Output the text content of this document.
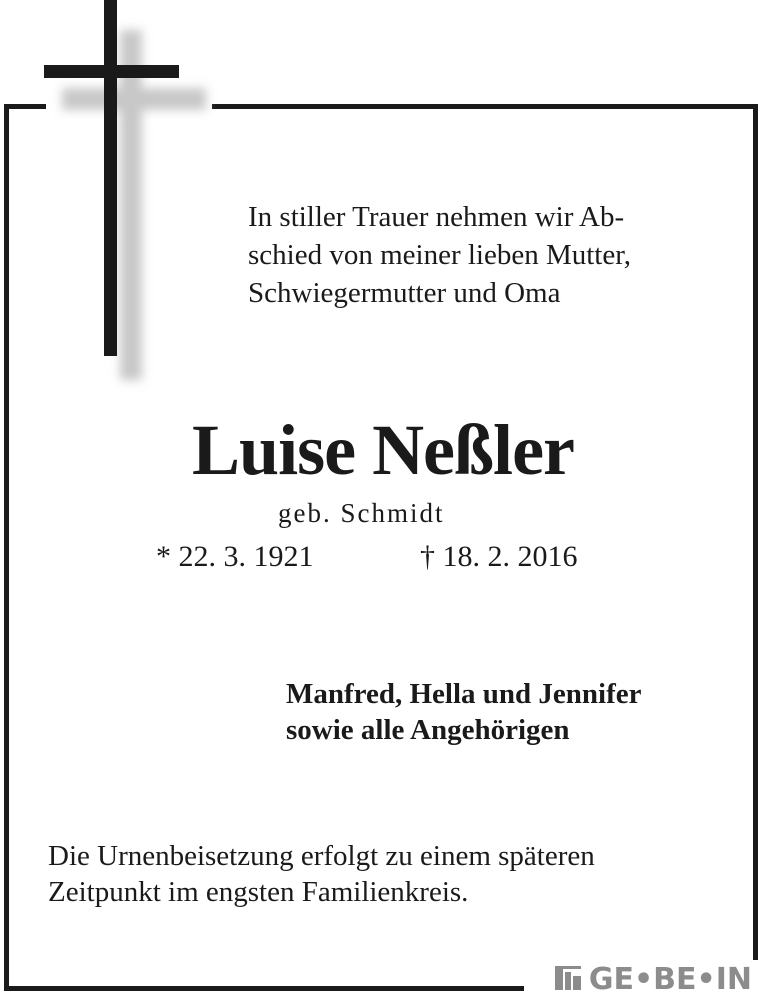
In stiller Trauer nehmen wir Ab-
schied von meiner lieben Mutter,
Schwiegermutter und Oma
Luise Neßler
geb. Schmidt
* 22. 3. 1921	† 18. 2. 2016
Manfred, Hella und Jennifer
sowie alle Angehörigen
Die Urnenbeisetzung erfolgt zu einem späteren
Zeitpunkt im engsten Familienkreis.
GE•BE•IN
